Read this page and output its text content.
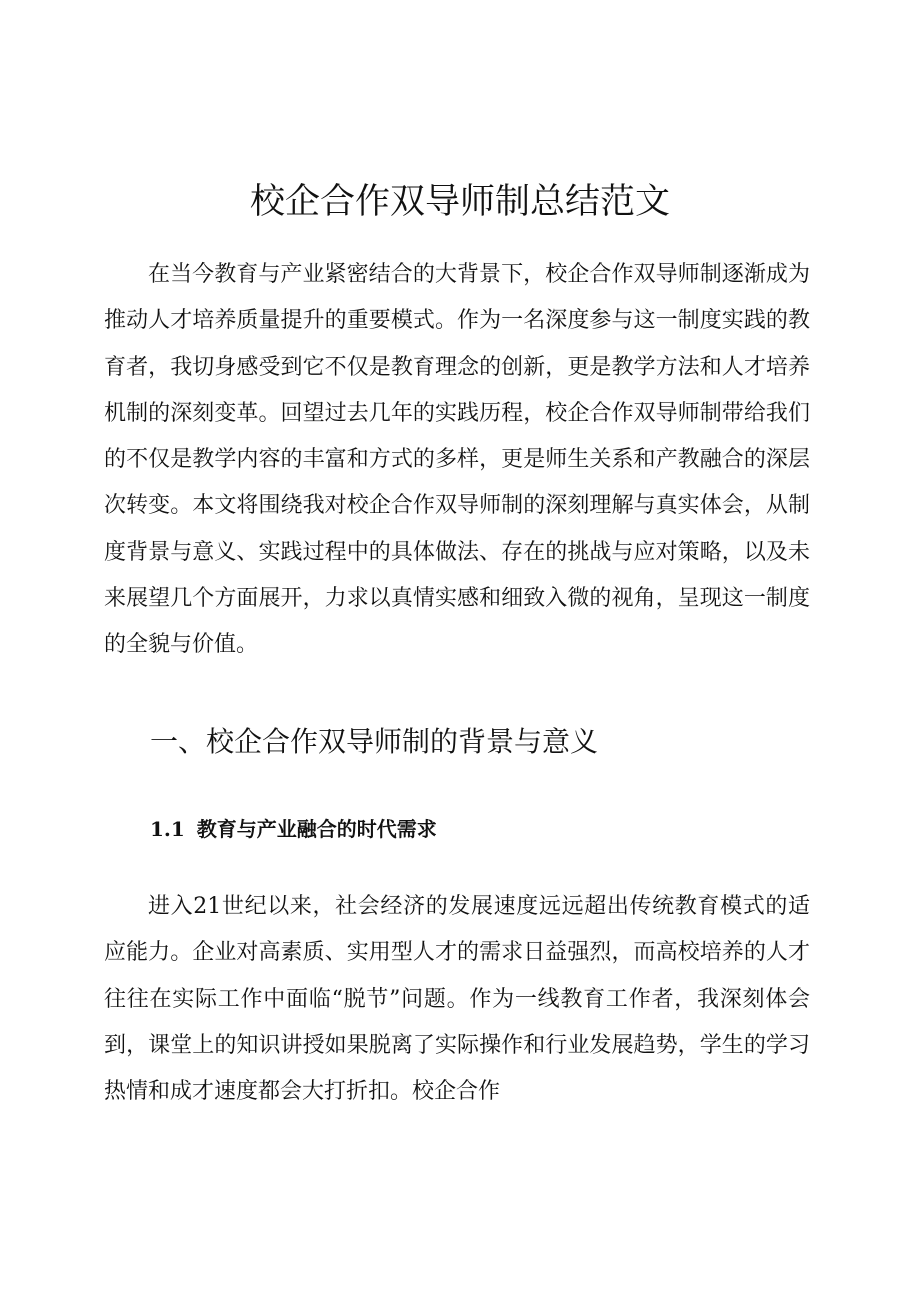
校企合作双导师制总结范文

在当今教育与产业紧密结合的大背景下，校企合作双导师制逐渐成为推动人才培养质量提升的重要模式。作为一名深度参与这一制度实践的教育者，我切身感受到它不仅是教育理念的创新，更是教学方法和人才培养机制的深刻变革。回望过去几年的实践历程，校企合作双导师制带给我们的不仅是教学内容的丰富和方式的多样，更是师生关系和产教融合的深层次转变。本文将围绕我对校企合作双导师制的深刻理解与真实体会，从制度背景与意义、实践过程中的具体做法、存在的挑战与应对策略，以及未来展望几个方面展开，力求以真情实感和细致入微的视角，呈现这一制度的全貌与价值。

一、校企合作双导师制的背景与意义
1.1 教育与产业融合的时代需求

进入21世纪以来，社会经济的发展速度远远超出传统教育模式的适应能力。企业对高素质、实用型人才的需求日益强烈，而高校培养的人才往往在实际工作中面临“脱节”问题。作为一线教育工作者，我深刻体会到，课堂上的知识讲授如果脱离了实际操作和行业发展趋势，学生的学习热情和成才速度都会大打折扣。校企合作
